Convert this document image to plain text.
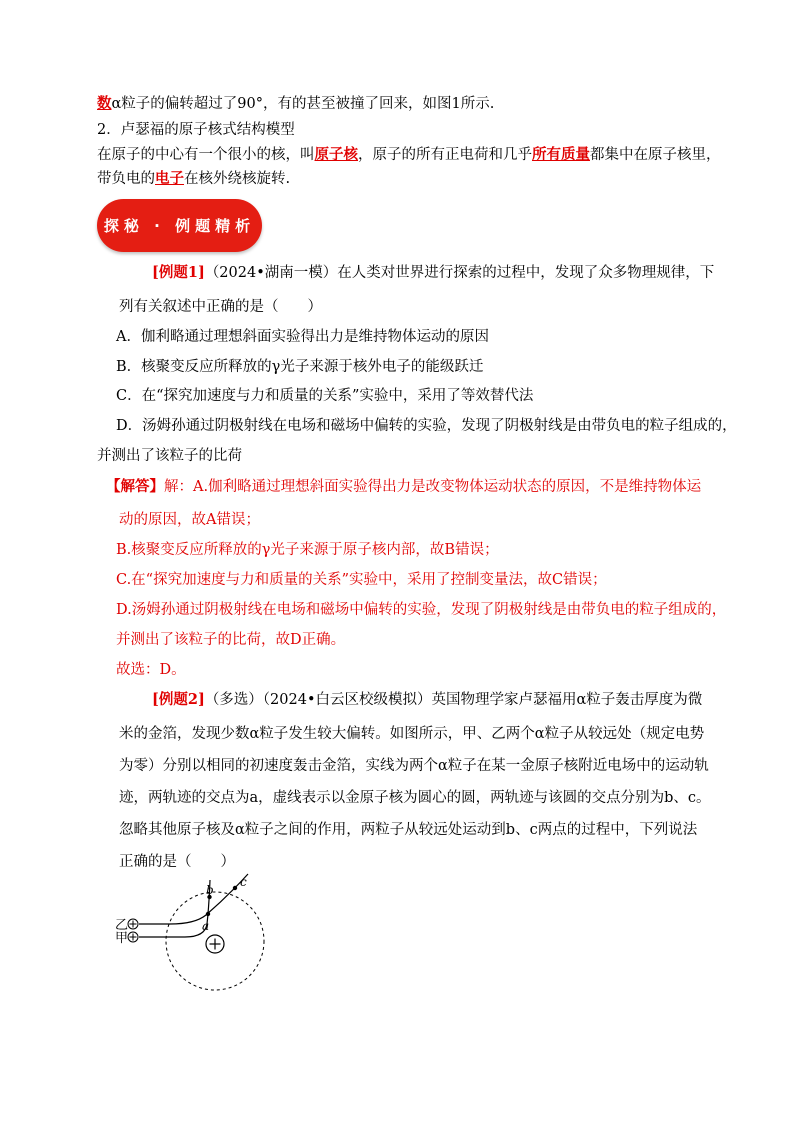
数α粒子的偏转超过了90°，有的甚至被撞了回来，如图1所示.
2．卢瑟福的原子核式结构模型
在原子的中心有一个很小的核，叫原子核，原子的所有正电荷和几乎所有质量都集中在原子核里，
带负电的电子在核外绕核旋转.
探秘 · 例题精析
[例题1]（2024•湖南一模）在人类对世界进行探索的过程中，发现了众多物理规律，下
列有关叙述中正确的是（　　）
A．伽利略通过理想斜面实验得出力是维持物体运动的原因
B．核聚变反应所释放的γ光子来源于核外电子的能级跃迁
C．在“探究加速度与力和质量的关系”实验中，采用了等效替代法
D．汤姆孙通过阴极射线在电场和磁场中偏转的实验，发现了阴极射线是由带负电的粒子组成的，
并测出了该粒子的比荷
【解答】解：A.伽利略通过理想斜面实验得出力是改变物体运动状态的原因，不是维持物体运
动的原因，故A错误；
B.核聚变反应所释放的γ光子来源于原子核内部，故B错误；
C.在“探究加速度与力和质量的关系”实验中，采用了控制变量法，故C错误；
D.汤姆孙通过阴极射线在电场和磁场中偏转的实验，发现了阴极射线是由带负电的粒子组成的，
并测出了该粒子的比荷，故D正确。
故选：D。
[例题2]（多选）（2024•白云区校级模拟）英国物理学家卢瑟福用α粒子轰击厚度为微
米的金箔，发现少数α粒子发生较大偏转。如图所示，甲、乙两个α粒子从较远处（规定电势
为零）分别以相同的初速度轰击金箔，实线为两个α粒子在某一金原子核附近电场中的运动轨
迹，两轨迹的交点为a，虚线表示以金原子核为圆心的圆，两轨迹与该圆的交点分别为b、c。
忽略其他原子核及α粒子之间的作用，两粒子从较远处运动到b、c两点的过程中，下列说法
正确的是（　　）
乙
甲
a
b
c
